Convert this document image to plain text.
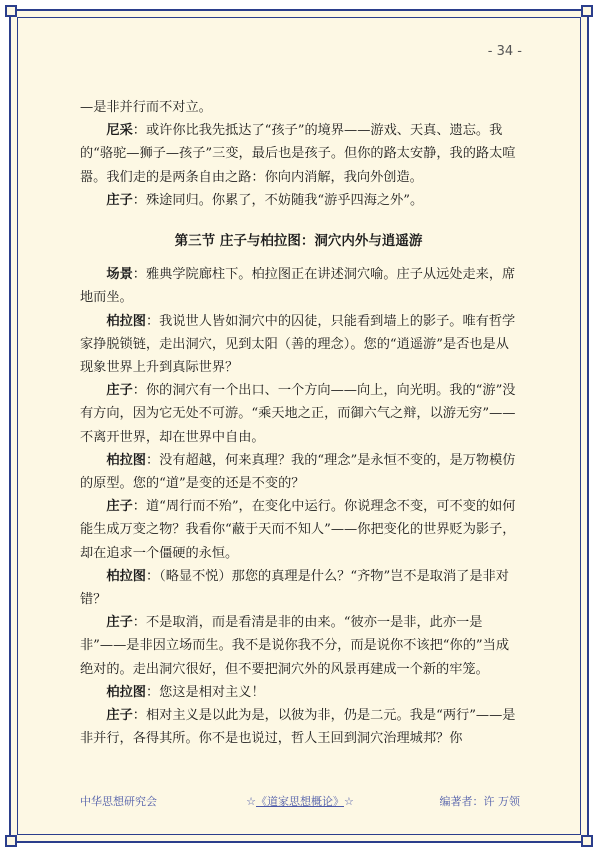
- 34 -

—是非并行而不对立。

尼采：或许你比我先抵达了“孩子”的境界——游戏、天真、遗忘。我的“骆驼—狮子—孩子”三变，最后也是孩子。但你的路太安静，我的路太喧嚣。我们走的是两条自由之路：你向内消解，我向外创造。

庄子：殊途同归。你累了，不妨随我“游乎四海之外”。

第三节 庄子与柏拉图：洞穴内外与逍遥游

场景：雅典学院廊柱下。柏拉图正在讲述洞穴喻。庄子从远处走来，席地而坐。

柏拉图：我说世人皆如洞穴中的囚徒，只能看到墙上的影子。唯有哲学家挣脱锁链，走出洞穴，见到太阳（善的理念）。您的“逍遥游”是否也是从现象世界上升到真际世界？

庄子：你的洞穴有一个出口、一个方向——向上，向光明。我的“游”没有方向，因为它无处不可游。“乘天地之正，而御六气之辩，以游无穷”——不离开世界，却在世界中自由。

柏拉图：没有超越，何来真理？我的“理念”是永恒不变的，是万物模仿的原型。您的“道”是变的还是不变的？

庄子：道“周行而不殆”，在变化中运行。你说理念不变，可不变的如何能生成万变之物？我看你“蔽于天而不知人”——你把变化的世界贬为影子，却在追求一个僵硬的永恒。

柏拉图：（略显不悦）那您的真理是什么？“齐物”岂不是取消了是非对错？

庄子：不是取消，而是看清是非的由来。“彼亦一是非，此亦一是非”——是非因立场而生。我不是说你我不分，而是说你不该把“你的”当成绝对的。走出洞穴很好，但不要把洞穴外的风景再建成一个新的牢笼。

柏拉图：您这是相对主义！

庄子：相对主义是以此为是，以彼为非，仍是二元。我是“两行”——是非并行，各得其所。你不是也说过，哲人王回到洞穴治理城邦？你

中华思想研究会	☆《道家思想概论》☆	编著者：许 万领
